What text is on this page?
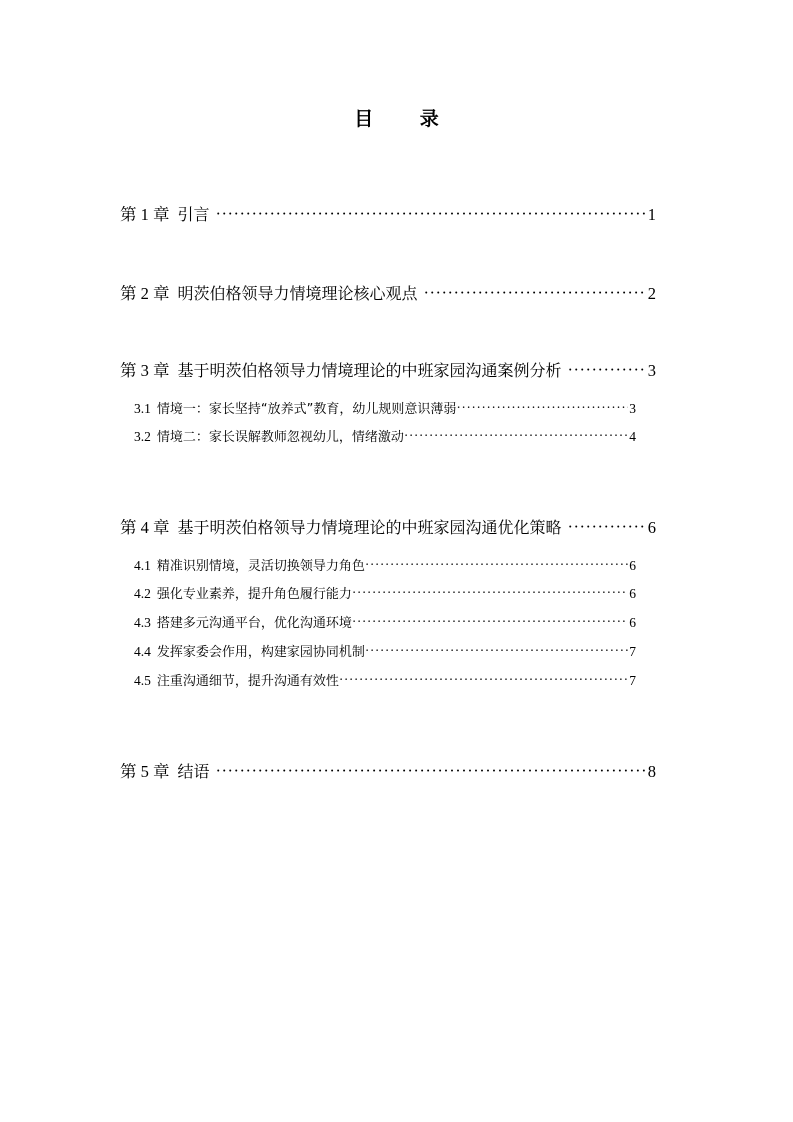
目 录
第 1 章 引言 ·····	1
第 2 章 明茨伯格领导力情境理论核心观点 ·····	2
第 3 章 基于明茨伯格领导力情境理论的中班家园沟通案例分析 ·····	3
3.1 情境一：家长坚持“放养式”教育，幼儿规则意识薄弱 ·····	3
3.2 情境二：家长误解教师忽视幼儿，情绪激动 ·····	4
第 4 章 基于明茨伯格领导力情境理论的中班家园沟通优化策略 ·····	6
4.1 精准识别情境，灵活切换领导力角色 ·····	6
4.2 强化专业素养，提升角色履行能力 ·····	6
4.3 搭建多元沟通平台，优化沟通环境 ·····	6
4.4 发挥家委会作用，构建家园协同机制 ·····	7
4.5 注重沟通细节，提升沟通有效性 ·····	7
第 5 章 结语 ·····	8
